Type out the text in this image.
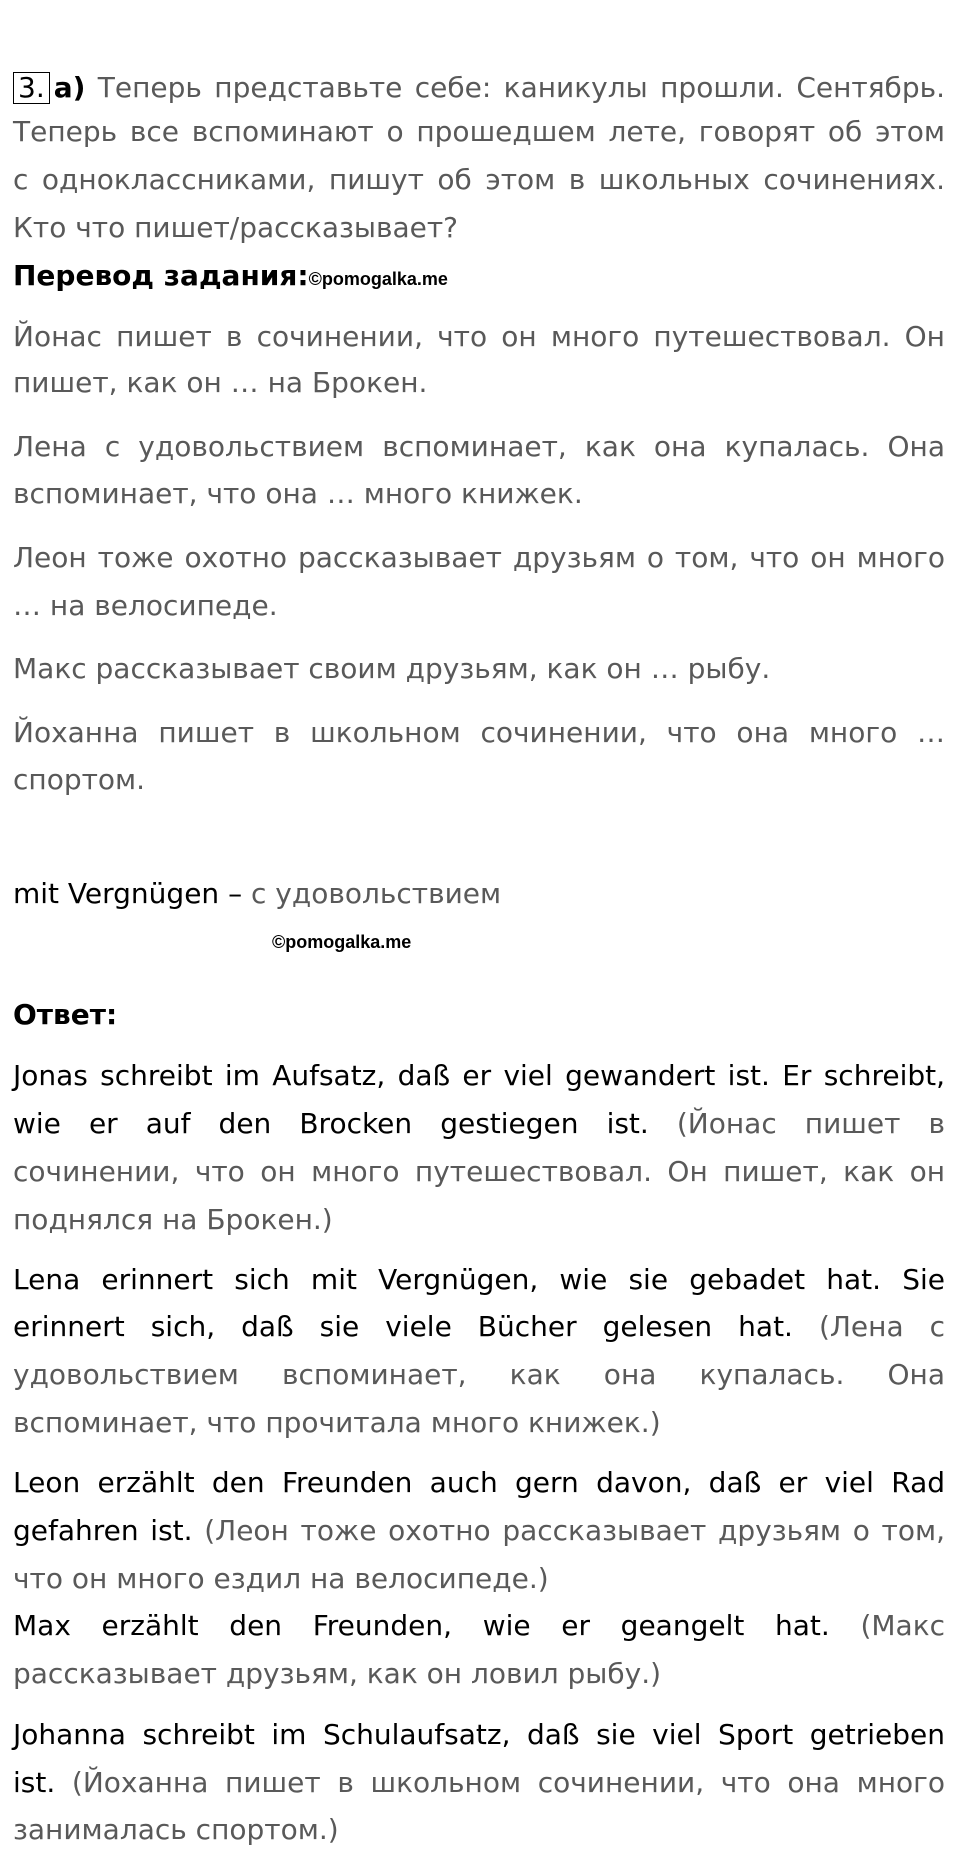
3. а) Теперь представьте себе: каникулы прошли. Сентябрь.
Теперь все вспоминают о прошедшем лете, говорят об этом
с одноклассниками, пишут об этом в школьных сочинениях.
Кто что пишет/рассказывает?
Перевод задания:©pomogalka.me
Йонас пишет в сочинении, что он много путешествовал. Он
пишет, как он … на Брокен.
Лена с удовольствием вспоминает, как она купалась. Она
вспоминает, что она … много книжек.
Леон тоже охотно рассказывает друзьям о том, что он много
… на велосипеде.
Макс рассказывает своим друзьям, как он … рыбу.
Йоханна пишет в школьном сочинении, что она много …
спортом.
mit Vergnügen – с удовольствием
©pomogalka.me
Ответ:
Jonas schreibt im Aufsatz, daß er viel gewandert ist. Er schreibt,
wie er auf den Brocken gestiegen ist. (Йонас пишет в
сочинении, что он много путешествовал. Он пишет, как он
поднялся на Брокен.)
Lena erinnert sich mit Vergnügen, wie sie gebadet hat. Sie
erinnert sich, daß sie viele Bücher gelesen hat. (Лена с
удовольствием вспоминает, как она купалась. Она
вспоминает, что прочитала много книжек.)
Leon erzählt den Freunden auch gern davon, daß er viel Rad
gefahren ist. (Леон тоже охотно рассказывает друзьям о том,
что он много ездил на велосипеде.)
Max erzählt den Freunden, wie er geangelt hat. (Макс
рассказывает друзьям, как он ловил рыбу.)
Johanna schreibt im Schulaufsatz, daß sie viel Sport getrieben
ist. (Йоханна пишет в школьном сочинении, что она много
занималась спортом.)
